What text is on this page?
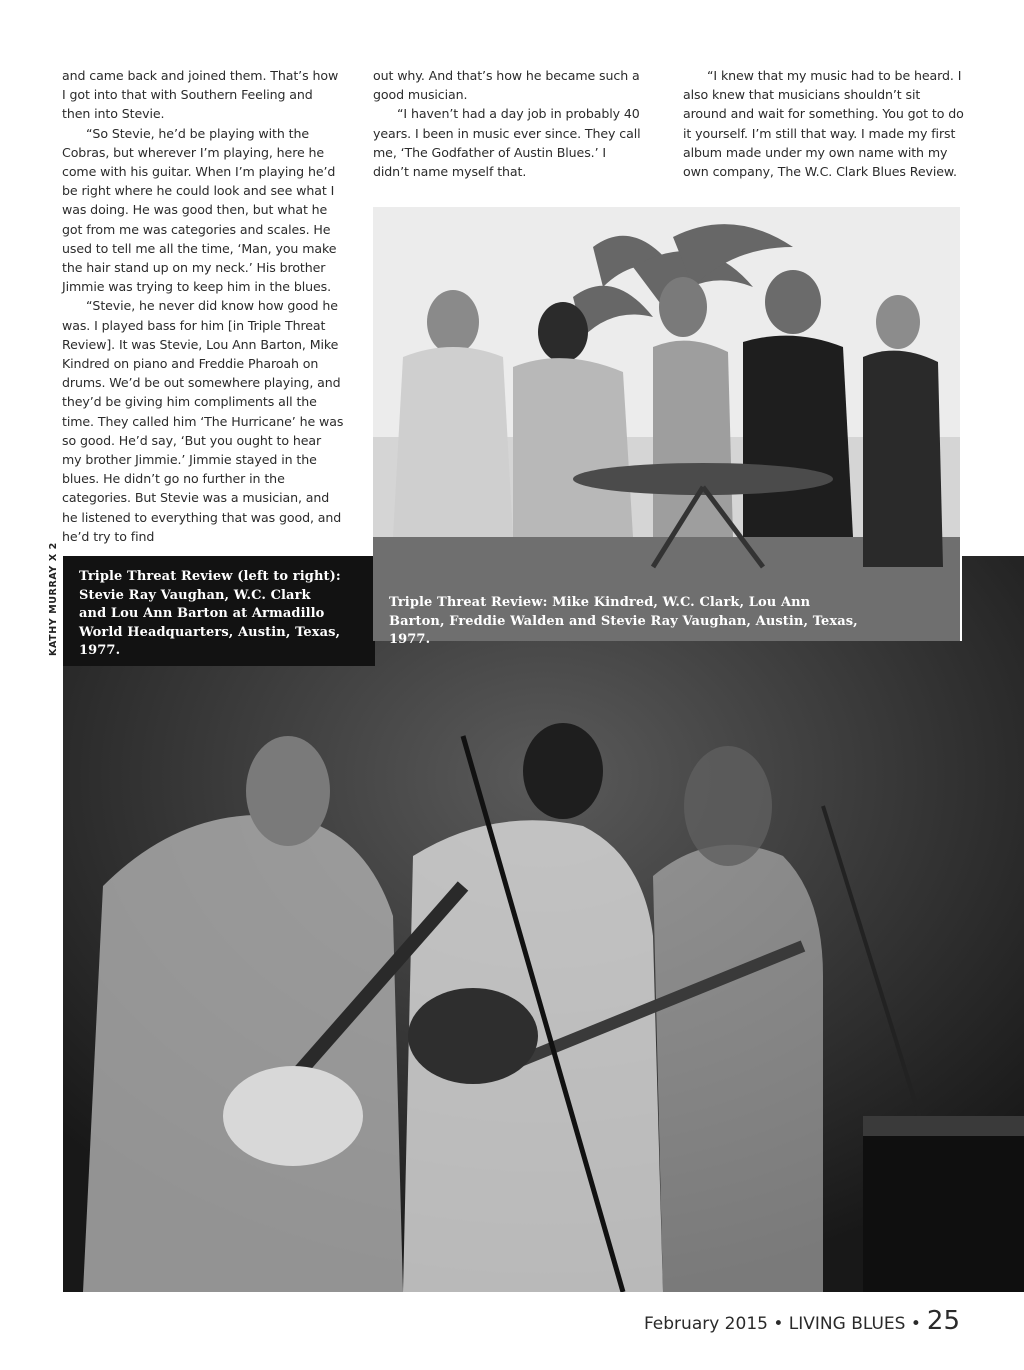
and came back and joined them. That’s how I got into that with Southern Feeling and then into Stevie.

“So Stevie, he’d be playing with the Cobras, but wherever I’m playing, here he come with his guitar. When I’m playing he’d be right where he could look and see what I was doing. He was good then, but what he got from me was categories and scales. He used to tell me all the time, ‘Man, you make the hair stand up on my neck.’ His brother Jimmie was trying to keep him in the blues.

“Stevie, he never did know how good he was. I played bass for him [in Triple Threat Review]. It was Stevie, Lou Ann Barton, Mike Kindred on piano and Freddie Pharoah on drums. We’d be out somewhere playing, and they’d be giving him compliments all the time. They called him ‘The Hurricane’ he was so good. He’d say, ‘But you ought to hear my brother Jimmie.’ Jimmie stayed in the blues. He didn’t go no further in the categories. But Stevie was a musician, and he listened to everything that was good, and he’d try to find

out why. And that’s how he became such a good musician.

“I haven’t had a day job in probably 40 years. I been in music ever since. They call me, ‘The Godfather of Austin Blues.’ I didn’t name myself that.

“I knew that my music had to be heard. I also knew that musicians shouldn’t sit around and wait for something. You got to do it yourself. I’m still that way. I made my first album made under my own name with my own company, The W.C. Clark Blues Review.

Triple Threat Review (left to right): Stevie Ray Vaughan, W.C. Clark and Lou Ann Barton at Armadillo World Headquarters, Austin, Texas, 1977.
Triple Threat Review: Mike Kindred, W.C. Clark, Lou Ann Barton, Freddie Walden and Stevie Ray Vaughan, Austin, Texas, 1977.
KATHY MURRAY X 2
February 2015 • LIVING BLUES • 25
